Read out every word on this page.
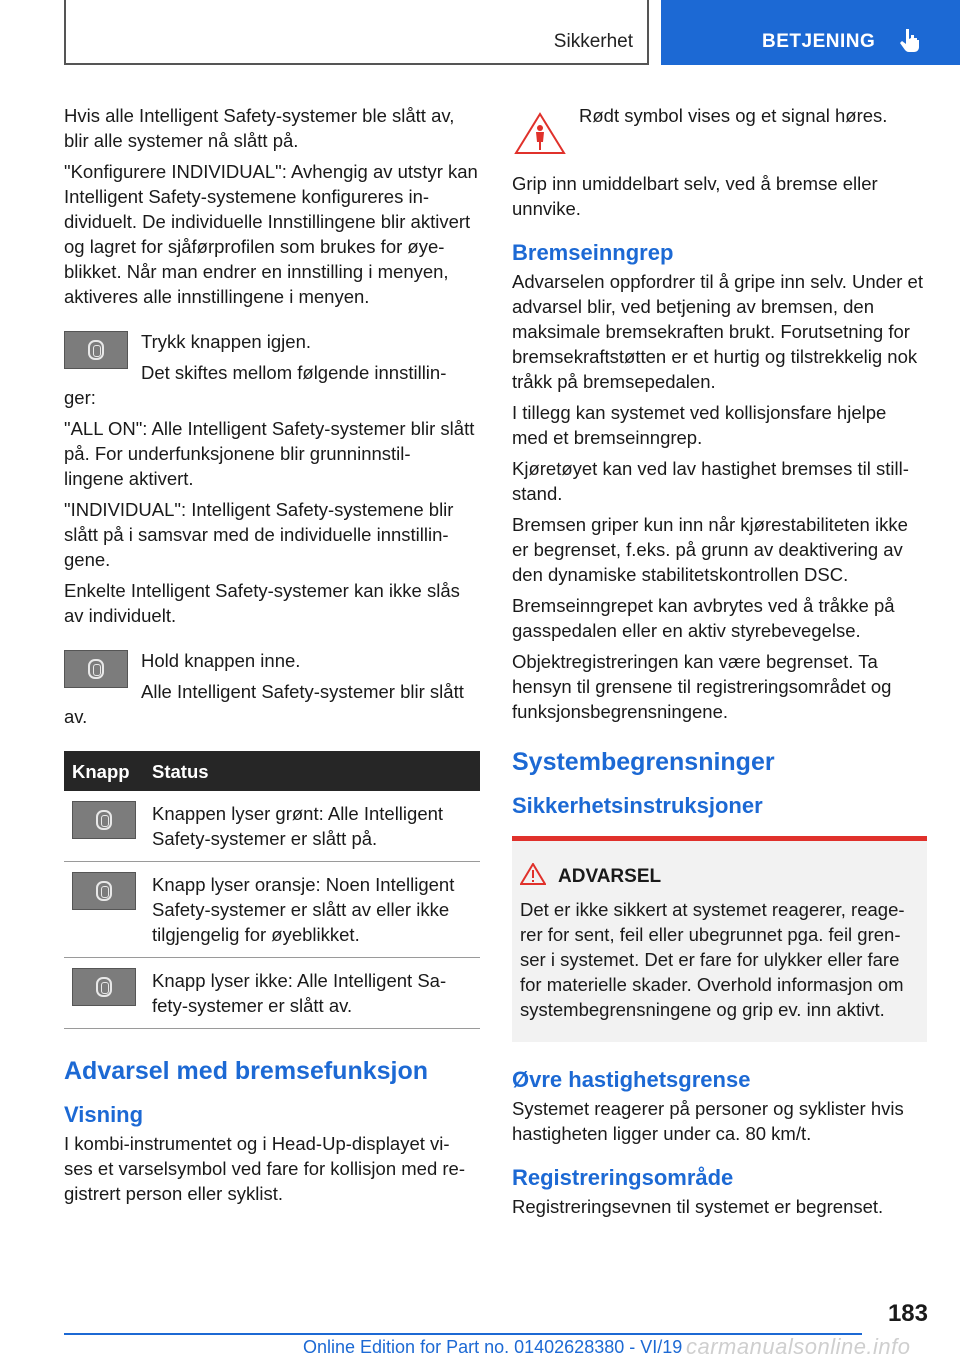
Sikkerhet	BETJENING

Hvis alle Intelligent Safety-systemer ble slått av, blir alle systemer nå slått på.

"Konfigurere INDIVIDUAL": Avhengig av utstyr kan Intelligent Safety-systemene konfigureres in-
dividuelt. De individuelle Innstillingene blir aktivert og lagret for sjåførprofilen som brukes for øye-
blikket. Når man endrer en innstilling i menyen, aktiveres alle innstillingene i menyen.

Trykk knappen igjen.

Det skiftes mellom følgende innstillin-

ger:

"ALL ON": Alle Intelligent Safety-systemer blir slått på. For underfunksjonene blir grunninnstil-
lingene aktivert.

"INDIVIDUAL": Intelligent Safety-systemene blir slått på i samsvar med de individuelle innstillin-
gene.

Enkelte Intelligent Safety-systemer kan ikke slås av individuelt.

Hold knappen inne.

Alle Intelligent Safety-systemer blir slått

av.

Knapp	Status

	Knappen lyser grønt: Alle Intelligent Safety-systemer er slått på.

	Knapp lyser oransje: Noen Intelligent Safety-systemer er slått av eller ikke tilgjengelig for øyeblikket.

	Knapp lyser ikke: Alle Intelligent Sa-
fety-systemer er slått av.
Advarsel med bremsefunksjon
Visning

I kombi-instrumentet og i Head-Up-displayet vi-
ses et varselsymbol ved fare for kollisjon med re-
gistrert person eller syklist.

Rødt symbol vises og et signal høres.

Grip inn umiddelbart selv, ved å bremse eller unnvike.

Bremseinngrep

Advarselen oppfordrer til å gripe inn selv. Under et advarsel blir, ved betjening av bremsen, den maksimale bremsekraften brukt. Forutsetning for bremsekraftstøtten er et hurtig og tilstrekkelig nok tråkk på bremsepedalen.

I tillegg kan systemet ved kollisjonsfare hjelpe med et bremseinngrep.

Kjøretøyet kan ved lav hastighet bremses til still-
stand.

Bremsen griper kun inn når kjørestabiliteten ikke er begrenset, f.eks. på grunn av deaktivering av den dynamiske stabilitetskontrollen DSC.

Bremseinngrepet kan avbrytes ved å tråkke på gasspedalen eller en aktiv styrebevegelse.

Objektregistreringen kan være begrenset. Ta hensyn til grensene til registreringsområdet og funksjonsbegrensningene.

Systembegrensninger
Sikkerhetsinstruksjoner
ADVARSEL

Det er ikke sikkert at systemet reagerer, reage-
rer for sent, feil eller ubegrunnet pga. feil gren-
ser i systemet. Det er fare for ulykker eller fare for materielle skader. Overhold informasjon om systembegrensningene og grip ev. inn aktivt.

Øvre hastighetsgrense

Systemet reagerer på personer og syklister hvis hastigheten ligger under ca. 80 km/t.

Registreringsområde

Registreringsevnen til systemet er begrenset.

183
Online Edition for Part no. 01402628380 - VI/19 carmanualsonline.info
